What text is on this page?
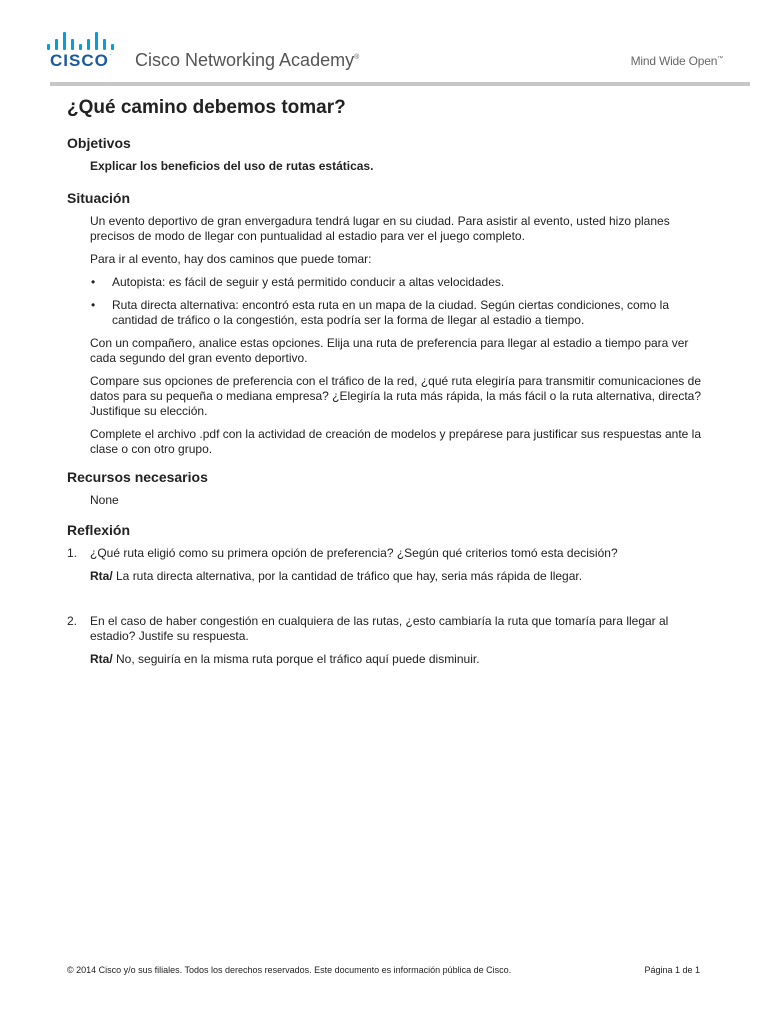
CISCO. Cisco Networking Academy®	Mind Wide Open™
¿Qué camino debemos tomar?
Objetivos

Explicar los beneficios del uso de rutas estáticas.

Situación

Un evento deportivo de gran envergadura tendrá lugar en su ciudad. Para asistir al evento, usted hizo planes precisos de modo de llegar con puntualidad al estadio para ver el juego completo.

Para ir al evento, hay dos caminos que puede tomar:

• Autopista: es fácil de seguir y está permitido conducir a altas velocidades.
• Ruta directa alternativa: encontró esta ruta en un mapa de la ciudad. Según ciertas condiciones, como la cantidad de tráfico o la congestión, esta podría ser la forma de llegar al estadio a tiempo.

Con un compañero, analice estas opciones. Elija una ruta de preferencia para llegar al estadio a tiempo para ver cada segundo del gran evento deportivo.

Compare sus opciones de preferencia con el tráfico de la red, ¿qué ruta elegiría para transmitir comunicaciones de datos para su pequeña o mediana empresa? ¿Elegiría la ruta más rápida, la más fácil o la ruta alternativa, directa? Justifique su elección.

Complete el archivo .pdf con la actividad de creación de modelos y prepárese para justificar sus respuestas ante la clase o con otro grupo.

Recursos necesarios

None

Reflexión
1. ¿Qué ruta eligió como su primera opción de preferencia? ¿Según qué criterios tomó esta decisión?
Rta/ La ruta directa alternativa, por la cantidad de tráfico que hay, seria más rápida de llegar.
2. En el caso de haber congestión en cualquiera de las rutas, ¿esto cambiaría la ruta que tomaría para llegar al estadio? Justife su respuesta.
Rta/ No, seguiría en la misma ruta porque el tráfico aquí puede disminuir.
© 2014 Cisco y/o sus filiales. Todos los derechos reservados. Este documento es información pública de Cisco.	Página 1 de 1
